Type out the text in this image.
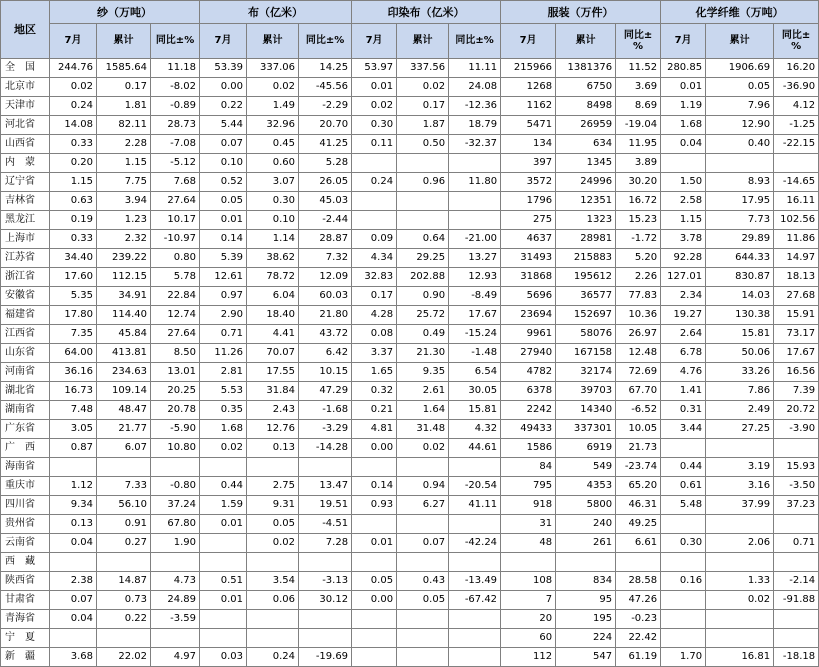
地区	纱（万吨）			布（亿米）			印染布（亿米）			服装（万件）			化学纤维（万吨）		
	7月	累计	同比±%	7月	累计	同比±%	7月	累计	同比±%	7月	累计	同比±%	7月	累计	同比±%
全　国	244.76	1585.64	11.18	53.39	337.06	14.25	53.97	337.56	11.11	215966	1381376	11.52	280.85	1906.69	16.20
北京市	0.02	0.17	-8.02	0.00	0.02	-45.56	0.01	0.02	24.08	1268	6750	3.69	0.01	0.05	-36.90
天津市	0.24	1.81	-0.89	0.22	1.49	-2.29	0.02	0.17	-12.36	1162	8498	8.69	1.19	7.96	4.12
河北省	14.08	82.11	28.73	5.44	32.96	20.70	0.30	1.87	18.79	5471	26959	-19.04	1.68	12.90	-1.25
山西省	0.33	2.28	-7.08	0.07	0.45	41.25	0.11	0.50	-32.37	134	634	11.95	0.04	0.40	-22.15
内　蒙	0.20	1.15	-5.12	0.10	0.60	5.28				397	1345	3.89			
辽宁省	1.15	7.75	7.68	0.52	3.07	26.05	0.24	0.96	11.80	3572	24996	30.20	1.50	8.93	-14.65
吉林省	0.63	3.94	27.64	0.05	0.30	45.03				1796	12351	16.72	2.58	17.95	16.11
黑龙江	0.19	1.23	10.17	0.01	0.10	-2.44				275	1323	15.23	1.15	7.73	102.56
上海市	0.33	2.32	-10.97	0.14	1.14	28.87	0.09	0.64	-21.00	4637	28981	-1.72	3.78	29.89	11.86
江苏省	34.40	239.22	0.80	5.39	38.62	7.32	4.34	29.25	13.27	31493	215883	5.20	92.28	644.33	14.97
浙江省	17.60	112.15	5.78	12.61	78.72	12.09	32.83	202.88	12.93	31868	195612	2.26	127.01	830.87	18.13
安徽省	5.35	34.91	22.84	0.97	6.04	60.03	0.17	0.90	-8.49	5696	36577	77.83	2.34	14.03	27.68
福建省	17.80	114.40	12.74	2.90	18.40	21.80	4.28	25.72	17.67	23694	152697	10.36	19.27	130.38	15.91
江西省	7.35	45.84	27.64	0.71	4.41	43.72	0.08	0.49	-15.24	9961	58076	26.97	2.64	15.81	73.17
山东省	64.00	413.81	8.50	11.26	70.07	6.42	3.37	21.30	-1.48	27940	167158	12.48	6.78	50.06	17.67
河南省	36.16	234.63	13.01	2.81	17.55	10.15	1.65	9.35	6.54	4782	32174	72.69	4.76	33.26	16.56
湖北省	16.73	109.14	20.25	5.53	31.84	47.29	0.32	2.61	30.05	6378	39703	67.70	1.41	7.86	7.39
湖南省	7.48	48.47	20.78	0.35	2.43	-1.68	0.21	1.64	15.81	2242	14340	-6.52	0.31	2.49	20.72
广东省	3.05	21.77	-5.90	1.68	12.76	-3.29	4.81	31.48	4.32	49433	337301	10.05	3.44	27.25	-3.90
广　西	0.87	6.07	10.80	0.02	0.13	-14.28	0.00	0.02	44.61	1586	6919	21.73			
海南省										84	549	-23.74	0.44	3.19	15.93
重庆市	1.12	7.33	-0.80	0.44	2.75	13.47	0.14	0.94	-20.54	795	4353	65.20	0.61	3.16	-3.50
四川省	9.34	56.10	37.24	1.59	9.31	19.51	0.93	6.27	41.11	918	5800	46.31	5.48	37.99	37.23
贵州省	0.13	0.91	67.80	0.01	0.05	-4.51				31	240	49.25			
云南省	0.04	0.27	1.90		0.02	7.28	0.01	0.07	-42.24	48	261	6.61	0.30	2.06	0.71
西　藏															
陕西省	2.38	14.87	4.73	0.51	3.54	-3.13	0.05	0.43	-13.49	108	834	28.58	0.16	1.33	-2.14
甘肃省	0.07	0.73	24.89	0.01	0.06	30.12	0.00	0.05	-67.42	7	95	47.26		0.02	-91.88
青海省	0.04	0.22	-3.59							20	195	-0.23			
宁　夏										60	224	22.42			
新　疆	3.68	22.02	4.97	0.03	0.24	-19.69				112	547	61.19	1.70	16.81	-18.18
